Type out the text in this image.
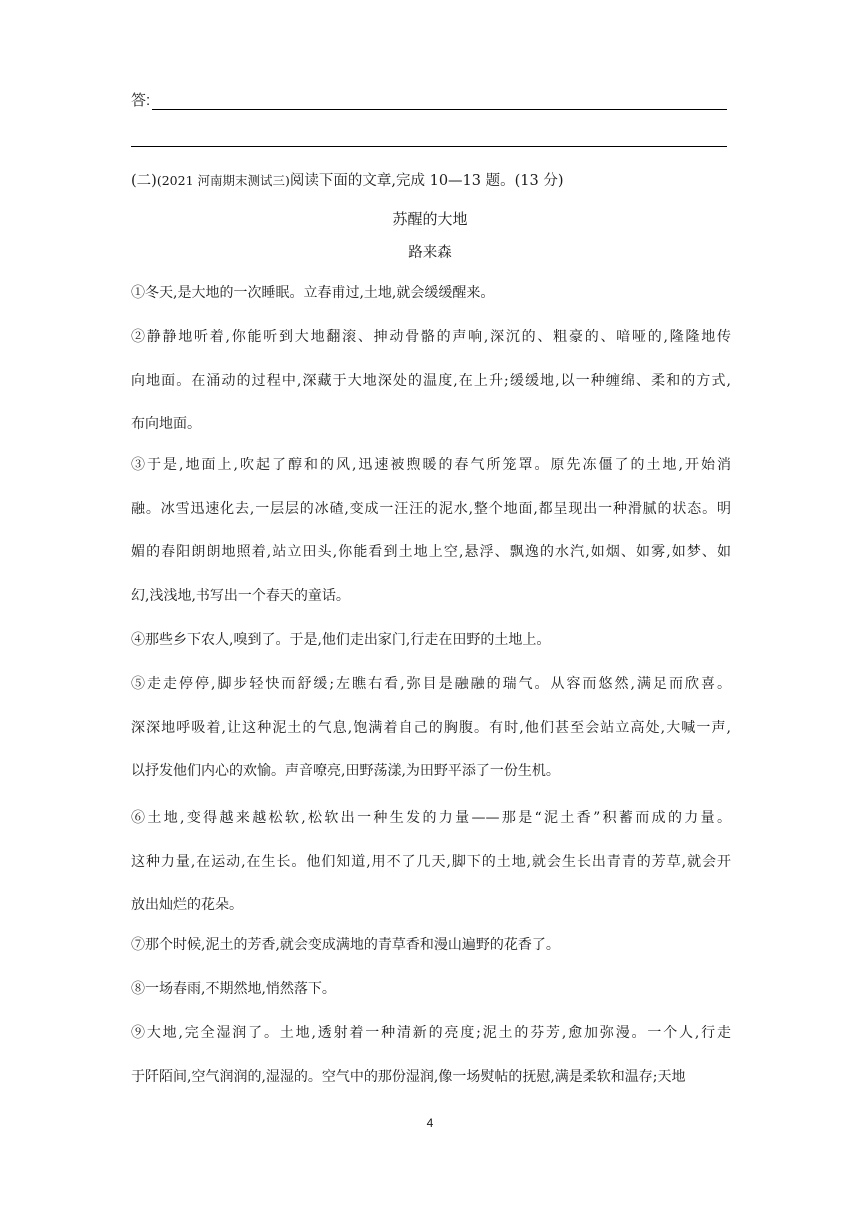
答:
(二)(2021 河南期末测试三)阅读下面的文章,完成 10—13 题。(13 分)
苏醒的大地
路来森
①冬天,是大地的一次睡眠。立春甫过,土地,就会缓缓醒来。
②静静地听着,你能听到大地翻滚、抻动骨骼的声响,深沉的、粗豪的、喑哑的,隆隆地传
向地面。在涌动的过程中,深藏于大地深处的温度,在上升;缓缓地,以一种缠绵、柔和的方式,
布向地面。
③于是,地面上,吹起了醇和的风,迅速被煦暖的春气所笼罩。原先冻僵了的土地,开始消
融。冰雪迅速化去,一层层的冰碴,变成一汪汪的泥水,整个地面,都呈现出一种滑腻的状态。明
媚的春阳朗朗地照着,站立田头,你能看到土地上空,悬浮、飘逸的水汽,如烟、如雾,如梦、如
幻,浅浅地,书写出一个春天的童话。
④那些乡下农人,嗅到了。于是,他们走出家门,行走在田野的土地上。
⑤走走停停,脚步轻快而舒缓;左瞧右看,弥目是融融的瑞气。从容而悠然,满足而欣喜。
深深地呼吸着,让这种泥土的气息,饱满着自己的胸腹。有时,他们甚至会站立高处,大喊一声,
以抒发他们内心的欢愉。声音嘹亮,田野荡漾,为田野平添了一份生机。
⑥土地,变得越来越松软,松软出一种生发的力量——那是“泥土香”积蓄而成的力量。
这种力量,在运动,在生长。他们知道,用不了几天,脚下的土地,就会生长出青青的芳草,就会开
放出灿烂的花朵。
⑦那个时候,泥土的芳香,就会变成满地的青草香和漫山遍野的花香了。
⑧一场春雨,不期然地,悄然落下。
⑨大地,完全湿润了。土地,透射着一种清新的亮度;泥土的芬芳,愈加弥漫。一个人,行走
于阡陌间,空气润润的,湿湿的。空气中的那份湿润,像一场熨帖的抚慰,满是柔软和温存;天地
4
